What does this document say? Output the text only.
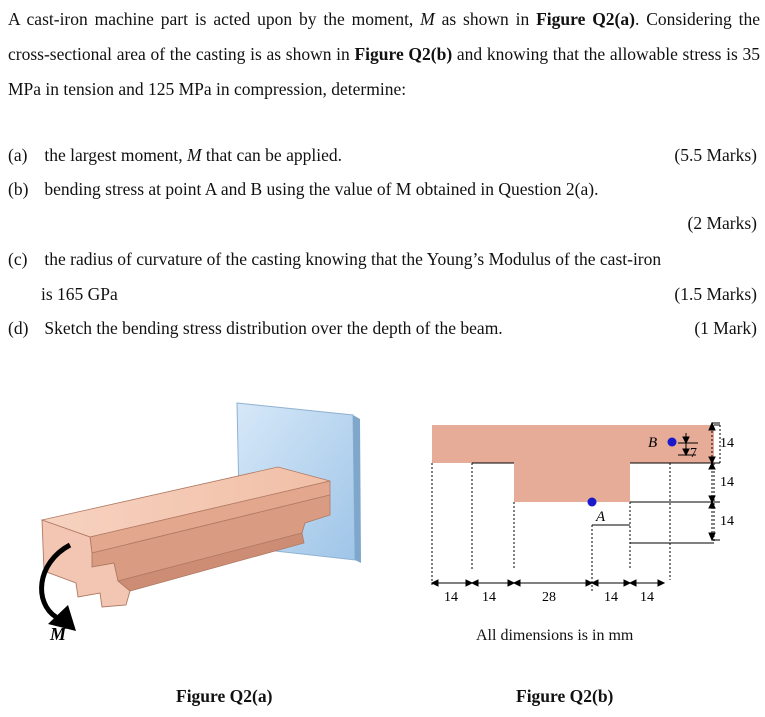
A cast-iron machine part is acted upon by the moment, M as shown in Figure Q2(a). Considering the cross-sectional area of the casting is as shown in Figure Q2(b) and knowing that the allowable stress is 35 MPa in tension and 125 MPa in compression, determine:

(a) the largest moment, M that can be applied.	(5.5 Marks)
(b) bending stress at point A and B using the value of M obtained in Question 2(a).
(2 Marks)
(c) the radius of curvature of the casting knowing that the Young’s Modulus of the cast-iron
is 165 GPa	(1.5 Marks)
(d) Sketch the bending stress distribution over the depth of the beam.	(1 Mark)
M
Figure Q2(a)
B
A
7
14
14
14
14 14	28	14 14
All dimensions is in mm
Figure Q2(b)
